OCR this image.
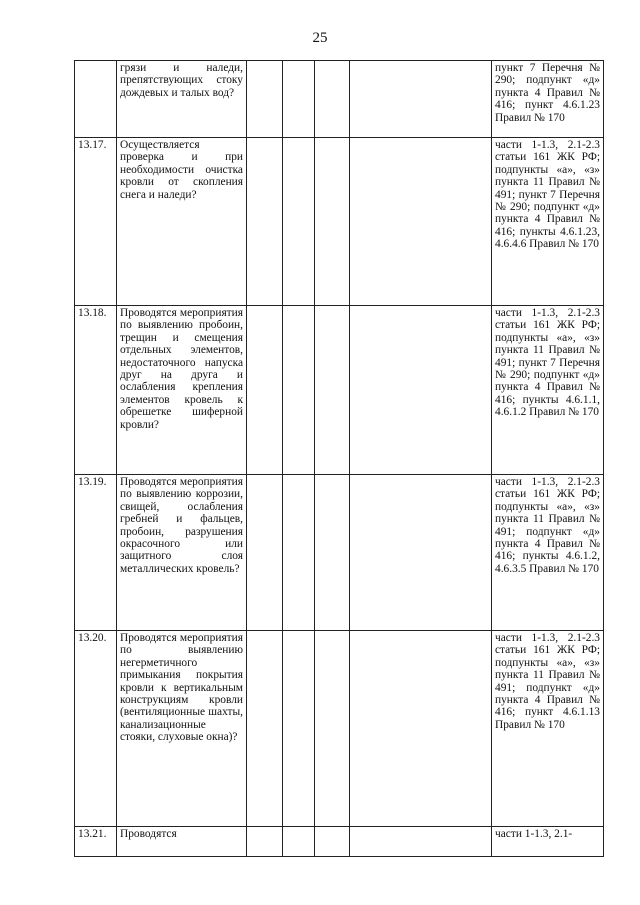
25
	грязи и наледи, препятствующих стоку дождевых и талых вод?					пункт 7 Перечня № 290; подпункт «д» пункта 4 Правил № 416; пункт 4.6.1.23 Правил № 170
13.17.	Осуществляется проверка и при необходимости очистка кровли от скопления снега и наледи?					части 1-1.3, 2.1-2.3 статьи 161 ЖК РФ; подпункты «а», «з» пункта 11 Правил № 491; пункт 7 Перечня № 290; подпункт «д» пункта 4 Правил № 416; пункты 4.6.1.23, 4.6.4.6 Правил № 170
13.18.	Проводятся мероприятия по выявлению пробоин, трещин и смещения отдельных элементов, недостаточного напуска друг на друга и ослабления крепления элементов кровель к обрешетке шиферной кровли?					части 1-1.3, 2.1-2.3 статьи 161 ЖК РФ; подпункты «а», «з» пункта 11 Правил № 491; пункт 7 Перечня № 290; подпункт «д» пункта 4 Правил № 416; пункты 4.6.1.1, 4.6.1.2 Правил № 170
13.19.	Проводятся мероприятия по выявлению коррозии, свищей, ослабления гребней и фальцев, пробоин, разрушения окрасочного или защитного слоя металлических кровель?					части 1-1.3, 2.1-2.3 статьи 161 ЖК РФ; подпункты «а», «з» пункта 11 Правил № 491; подпункт «д» пункта 4 Правил № 416; пункты 4.6.1.2, 4.6.3.5 Правил № 170
13.20.	Проводятся мероприятия по выявлению негерметичного примыкания покрытия кровли к вертикальным конструкциям кровли (вентиляционные шахты, канализационные стояки, слуховые окна)?					части 1-1.3, 2.1-2.3 статьи 161 ЖК РФ; подпункты «а», «з» пункта 11 Правил № 491; подпункт «д» пункта 4 Правил № 416; пункт 4.6.1.13 Правил № 170
13.21.	Проводятся					части 1-1.3, 2.1-
